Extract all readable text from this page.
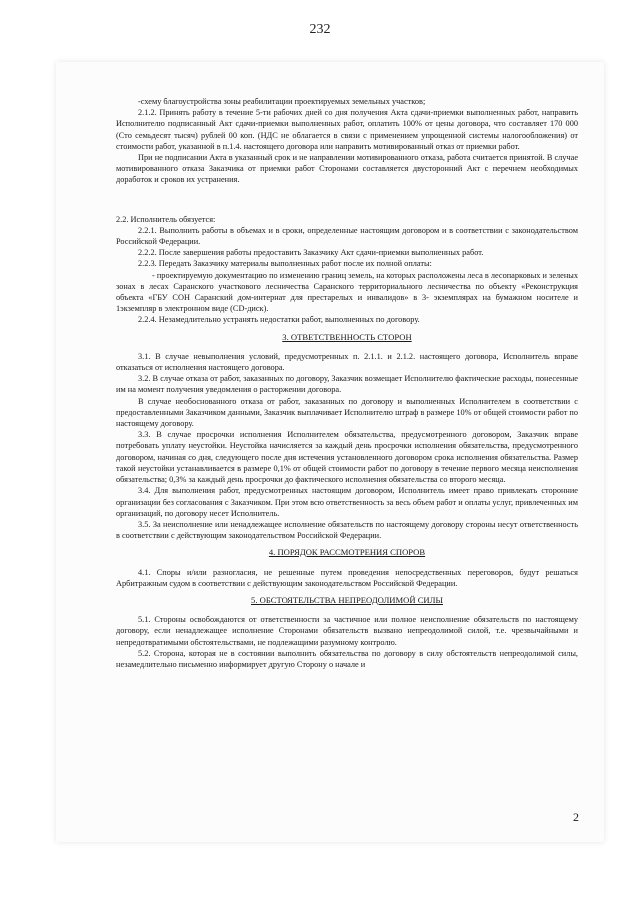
232

-схему благоустройства зоны реабилитации проектируемых земельных участков;

2.1.2. Принять работу в течение 5-ти рабочих дней со дня получения Акта сдачи-приемки выполненных работ, направить Исполнителю подписанный Акт сдачи-приемки выполненных работ, оплатить 100% от цены договора, что составляет 170 000 (Сто семьдесят тысяч) рублей 00 коп. (НДС не облагается в связи с применением упрощенной системы налогообложения) от стоимости работ, указанной в п.1.4. настоящего договора или направить мотивированный отказ от приемки работ.

При не подписании Акта в указанный срок и не направлении мотивированного отказа, работа считается принятой. В случае мотивированного отказа Заказчика от приемки работ Сторонами составляется двусторонний Акт с перечнем необходимых доработок и сроков их устранения.

2.2. Исполнитель обязуется:

2.2.1. Выполнить работы в объемах и в сроки, определенные настоящим договором и в соответствии с законодательством Российской Федерации.

2.2.2. После завершения работы предоставить Заказчику Акт сдачи-приемки выполненных работ.

2.2.3. Передать Заказчику материалы выполненных работ после их полной оплаты:

- проектируемую документацию по изменению границ земель, на которых расположены леса в лесопарковых и зеленых зонах в лесах Саранского участкового лесничества Саранского территориального лесничества по объекту «Реконструкция объекта «ГБУ СОН Саранский дом-интернат для престарелых и инвалидов» в 3- экземплярах на бумажном носителе и 1экземпляр в электронном виде (CD-диск).

2.2.4. Незамедлительно устранять недостатки работ, выполненных по договору.

3. ОТВЕТСТВЕННОСТЬ СТОРОН

3.1. В случае невыполнения условий, предусмотренных п. 2.1.1. и 2.1.2. настоящего договора, Исполнитель вправе отказаться от исполнения настоящего договора.

3.2. В случае отказа от работ, заказанных по договору, Заказчик возмещает Исполнителю фактические расходы, понесенные им на момент получения уведомления о расторжении договора.

В случае необоснованного отказа от работ, заказанных по договору и выполненных Исполнителем в соответствии с предоставленными Заказчиком данными, Заказчик выплачивает Исполнителю штраф в размере 10% от общей стоимости работ по настоящему договору.

3.3. В случае просрочки исполнения Исполнителем обязательства, предусмотренного договором, Заказчик вправе потребовать уплату неустойки. Неустойка начисляется за каждый день просрочки исполнения обязательства, предусмотренного договором, начиная со дня, следующего после дня истечения установленного договором срока исполнения обязательства. Размер такой неустойки устанавливается в размере 0,1% от общей стоимости работ по договору в течение первого месяца неисполнения обязательства; 0,3% за каждый день просрочки до фактического исполнения обязательства со второго месяца.

3.4. Для выполнения работ, предусмотренных настоящим договором, Исполнитель имеет право привлекать сторонние организации без согласования с Заказчиком. При этом всю ответственность за весь объем работ и оплаты услуг, привлеченных им организаций, по договору несет Исполнитель.

3.5. За неисполнение или ненадлежащее исполнение обязательств по настоящему договору стороны несут ответственность в соответствии с действующим законодательством Российской Федерации.

4. ПОРЯДОК РАССМОТРЕНИЯ СПОРОВ

4.1. Споры и/или разногласия, не решенные путем проведения непосредственных переговоров, будут решаться Арбитражным судом в соответствии с действующим законодательством Российской Федерации.

5. ОБСТОЯТЕЛЬСТВА НЕПРЕОДОЛИМОЙ СИЛЫ

5.1. Стороны освобождаются от ответственности за частичное или полное неисполнение обязательств по настоящему договору, если ненадлежащее исполнение Сторонами обязательств вызвано непреодолимой силой, т.е. чрезвычайными и непредотвратимыми обстоятельствами, не подлежащими разумному контролю.

5.2. Сторона, которая не в состоянии выполнить обязательства по договору в силу обстоятельств непреодолимой силы, незамедлительно письменно информирует другую Сторону о начале и

2
